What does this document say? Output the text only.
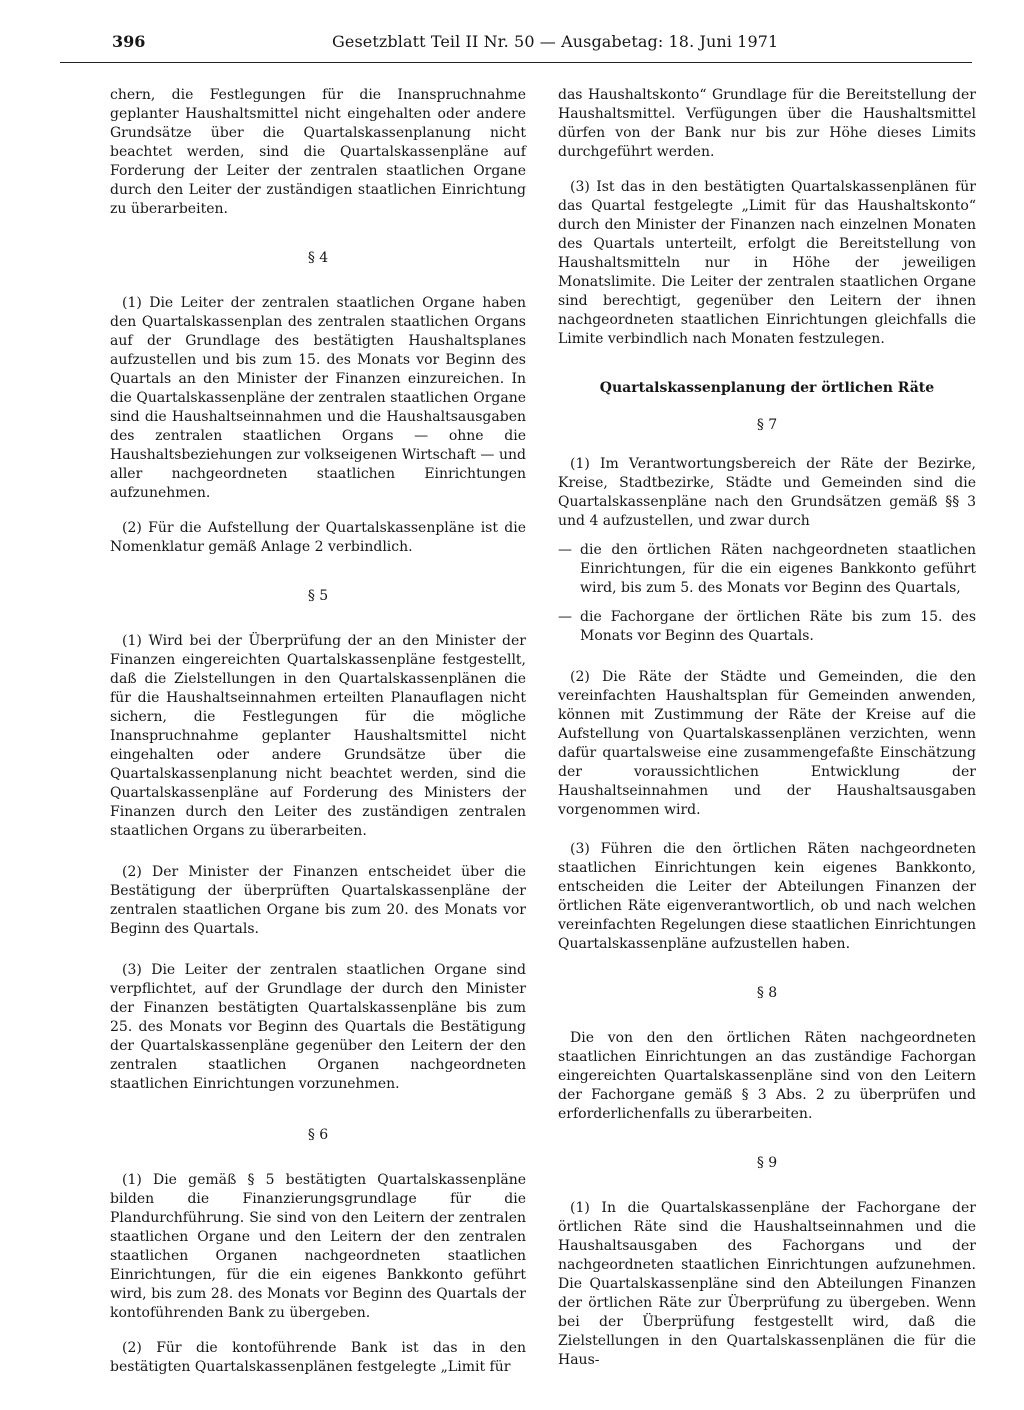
396	Gesetzblatt Teil II Nr. 50 — Ausgabetag: 18. Juni 1971

chern, die Festlegungen für die Inanspruchnahme geplanter Haushaltsmittel nicht eingehalten oder andere Grundsätze über die Quartalskassenplanung nicht beachtet werden, sind die Quartalskassenpläne auf Forderung der Leiter der zentralen staatlichen Organe durch den Leiter der zuständigen staatlichen Einrichtung zu überarbeiten.

§ 4

(1) Die Leiter der zentralen staatlichen Organe haben den Quartalskassenplan des zentralen staatlichen Organs auf der Grundlage des bestätigten Haushaltsplanes aufzustellen und bis zum 15. des Monats vor Beginn des Quartals an den Minister der Finanzen einzureichen. In die Quartalskassenpläne der zentralen staatlichen Organe sind die Haushaltseinnahmen und die Haushaltsausgaben des zentralen staatlichen Organs — ohne die Haushaltsbeziehungen zur volkseigenen Wirtschaft — und aller nachgeordneten staatlichen Einrichtungen aufzunehmen.

(2) Für die Aufstellung der Quartalskassenpläne ist die Nomenklatur gemäß Anlage 2 verbindlich.

§ 5

(1) Wird bei der Überprüfung der an den Minister der Finanzen eingereichten Quartalskassenpläne festgestellt, daß die Zielstellungen in den Quartalskassenplänen die für die Haushaltseinnahmen erteilten Planauflagen nicht sichern, die Festlegungen für die mögliche Inanspruchnahme geplanter Haushaltsmittel nicht eingehalten oder andere Grundsätze über die Quartalskassenplanung nicht beachtet werden, sind die Quartalskassenpläne auf Forderung des Ministers der Finanzen durch den Leiter des zuständigen zentralen staatlichen Organs zu überarbeiten.

(2) Der Minister der Finanzen entscheidet über die Bestätigung der überprüften Quartalskassenpläne der zentralen staatlichen Organe bis zum 20. des Monats vor Beginn des Quartals.

(3) Die Leiter der zentralen staatlichen Organe sind verpflichtet, auf der Grundlage der durch den Minister der Finanzen bestätigten Quartalskassenpläne bis zum 25. des Monats vor Beginn des Quartals die Bestätigung der Quartalskassenpläne gegenüber den Leitern der den zentralen staatlichen Organen nachgeordneten staatlichen Einrichtungen vorzunehmen.

§ 6

(1) Die gemäß § 5 bestätigten Quartalskassenpläne bilden die Finanzierungsgrundlage für die Plandurchführung. Sie sind von den Leitern der zentralen staatlichen Organe und den Leitern der den zentralen staatlichen Organen nachgeordneten staatlichen Einrichtungen, für die ein eigenes Bankkonto geführt wird, bis zum 28. des Monats vor Beginn des Quartals der kontoführenden Bank zu übergeben.

(2) Für die kontoführende Bank ist das in den bestätigten Quartalskassenplänen festgelegte „Limit für

das Haushaltskonto“ Grundlage für die Bereitstellung der Haushaltsmittel. Verfügungen über die Haushaltsmittel dürfen von der Bank nur bis zur Höhe dieses Limits durchgeführt werden.

(3) Ist das in den bestätigten Quartalskassenplänen für das Quartal festgelegte „Limit für das Haushaltskonto“ durch den Minister der Finanzen nach einzelnen Monaten des Quartals unterteilt, erfolgt die Bereitstellung von Haushaltsmitteln nur in Höhe der jeweiligen Monatslimite. Die Leiter der zentralen staatlichen Organe sind berechtigt, gegenüber den Leitern der ihnen nachgeordneten staatlichen Einrichtungen gleichfalls die Limite verbindlich nach Monaten festzulegen.

Quartalskassenplanung der örtlichen Räte

§ 7

(1) Im Verantwortungsbereich der Räte der Bezirke, Kreise, Stadtbezirke, Städte und Gemeinden sind die Quartalskassenpläne nach den Grundsätzen gemäß §§ 3 und 4 aufzustellen, und zwar durch

— die den örtlichen Räten nachgeordneten staatlichen Einrichtungen, für die ein eigenes Bankkonto geführt wird, bis zum 5. des Monats vor Beginn des Quartals,
— die Fachorgane der örtlichen Räte bis zum 15. des Monats vor Beginn des Quartals.

(2) Die Räte der Städte und Gemeinden, die den vereinfachten Haushaltsplan für Gemeinden anwenden, können mit Zustimmung der Räte der Kreise auf die Aufstellung von Quartalskassenplänen verzichten, wenn dafür quartalsweise eine zusammengefaßte Einschätzung der voraussichtlichen Entwicklung der Haushaltseinnahmen und der Haushaltsausgaben vorgenommen wird.

(3) Führen die den örtlichen Räten nachgeordneten staatlichen Einrichtungen kein eigenes Bankkonto, entscheiden die Leiter der Abteilungen Finanzen der örtlichen Räte eigenverantwortlich, ob und nach welchen vereinfachten Regelungen diese staatlichen Einrichtungen Quartalskassenpläne aufzustellen haben.

§ 8

Die von den den örtlichen Räten nachgeordneten staatlichen Einrichtungen an das zuständige Fachorgan eingereichten Quartalskassenpläne sind von den Leitern der Fachorgane gemäß § 3 Abs. 2 zu überprüfen und erforderlichenfalls zu überarbeiten.

§ 9

(1) In die Quartalskassenpläne der Fachorgane der örtlichen Räte sind die Haushaltseinnahmen und die Haushaltsausgaben des Fachorgans und der nachgeordneten staatlichen Einrichtungen aufzunehmen. Die Quartalskassenpläne sind den Abteilungen Finanzen der örtlichen Räte zur Überprüfung zu übergeben. Wenn bei der Überprüfung festgestellt wird, daß die Zielstellungen in den Quartalskassenplänen die für die Haus-
